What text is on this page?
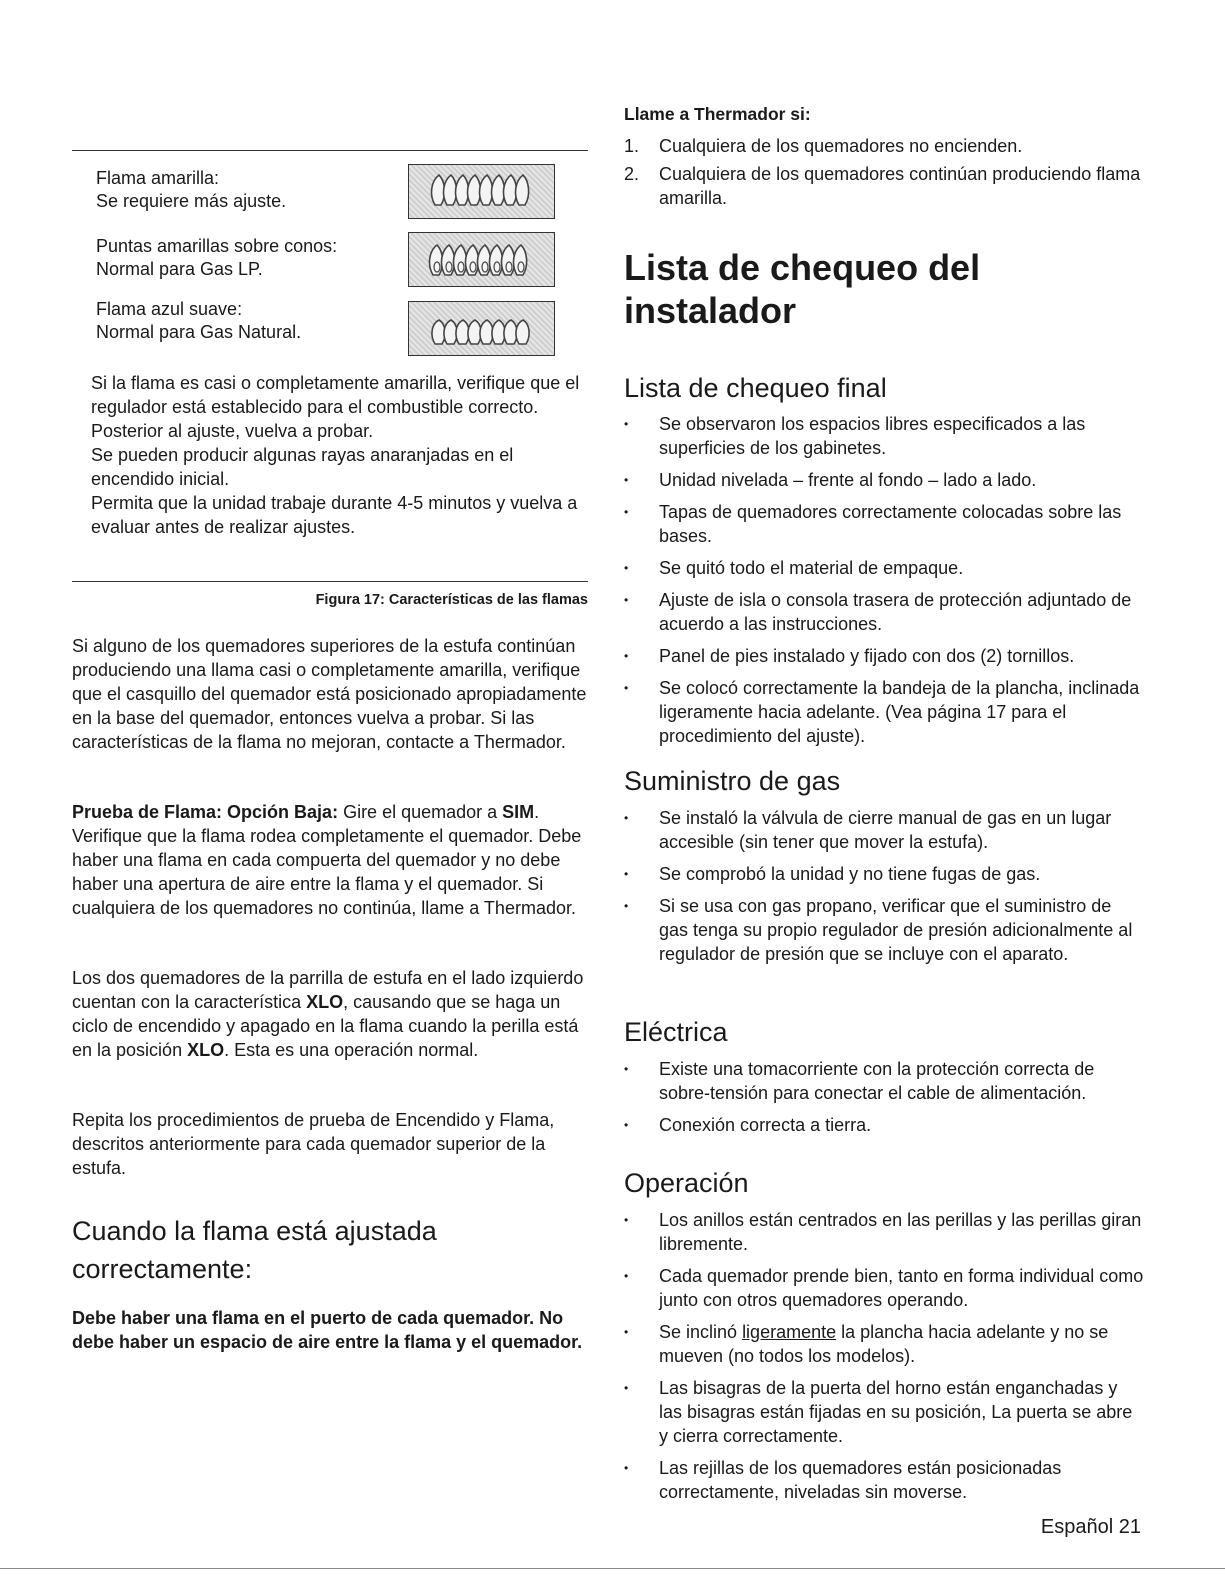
Flama amarilla:
Se requiere más ajuste.
Puntas amarillas sobre conos:
Normal para Gas LP.
Flama azul suave:
Normal para Gas Natural.
Si la flama es casi o completamente amarilla, verifique que el regulador está establecido para el combustible correcto. Posterior al ajuste, vuelva a probar.
Se pueden producir algunas rayas anaranjadas en el encendido inicial.
Permita que la unidad trabaje durante 4-5 minutos y vuelva a evaluar antes de realizar ajustes.
Figura 17: Características de las flamas

Si alguno de los quemadores superiores de la estufa continúan produciendo una llama casi o completamente amarilla, verifique que el casquillo del quemador está posicionado apropiadamente en la base del quemador, entonces vuelva a probar. Si las características de la flama no mejoran, contacte a Thermador.

Prueba de Flama: Opción Baja: Gire el quemador a SIM. Verifique que la flama rodea completamente el quemador. Debe haber una flama en cada compuerta del quemador y no debe haber una apertura de aire entre la flama y el quemador. Si cualquiera de los quemadores no continúa, llame a Thermador.

Los dos quemadores de la parrilla de estufa en el lado izquierdo cuentan con la característica XLO, causando que se haga un ciclo de encendido y apagado en la flama cuando la perilla está en la posición XLO. Esta es una operación normal.

Repita los procedimientos de prueba de Encendido y Flama, descritos anteriormente para cada quemador superior de la estufa.

Cuando la flama está ajustada correctamente:

Debe haber una flama en el puerto de cada quemador. No debe haber un espacio de aire entre la flama y el quemador.

Llame a Thermador si:
1. Cualquiera de los quemadores no encienden.
2. Cualquiera de los quemadores continúan produciendo flama amarilla.
Lista de chequeo del instalador
Lista de chequeo final
• Se observaron los espacios libres especificados a las superficies de los gabinetes.
• Unidad nivelada – frente al fondo – lado a lado.
• Tapas de quemadores correctamente colocadas sobre las bases.
• Se quitó todo el material de empaque.
• Ajuste de isla o consola trasera de protección adjuntado de acuerdo a las instrucciones.
• Panel de pies instalado y fijado con dos (2) tornillos.
• Se colocó correctamente la bandeja de la plancha, inclinada ligeramente hacia adelante. (Vea página 17 para el procedimiento del ajuste).
Suministro de gas
• Se instaló la válvula de cierre manual de gas en un lugar accesible (sin tener que mover la estufa).
• Se comprobó la unidad y no tiene fugas de gas.
• Si se usa con gas propano, verificar que el suministro de gas tenga su propio regulador de presión adicionalmente al regulador de presión que se incluye con el aparato.
Eléctrica
• Existe una tomacorriente con la protección correcta de sobre-tensión para conectar el cable de alimentación.
• Conexión correcta a tierra.
Operación
• Los anillos están centrados en las perillas y las perillas giran libremente.
• Cada quemador prende bien, tanto en forma individual como junto con otros quemadores operando.
• Se inclinó ligeramente la plancha hacia adelante y no se mueven (no todos los modelos).
• Las bisagras de la puerta del horno están enganchadas y las bisagras están fijadas en su posición, La puerta se abre y cierra correctamente.
• Las rejillas de los quemadores están posicionadas correctamente, niveladas sin moverse.
Español 21
